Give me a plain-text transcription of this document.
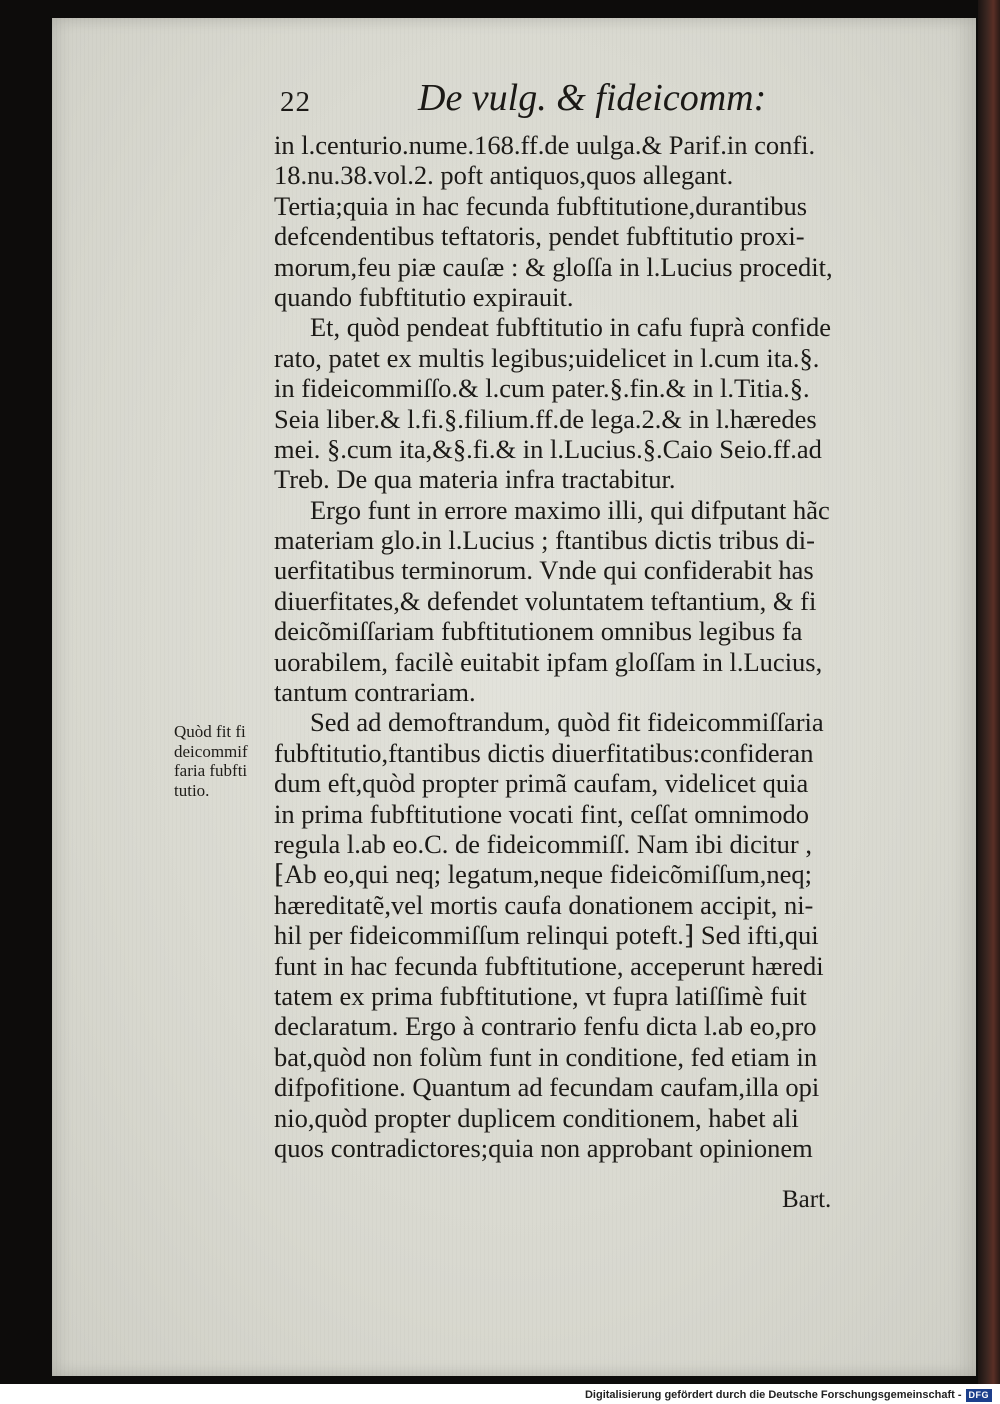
22	De vulg. & fideicomm:
Quòd fit fi
deicommif
faria fubfti
tutio.
in l.centurio.nume.168.ff.de uulga.& Parif.in confi.
18.nu.38.vol.2. poft antiquos,quos allegant.
Tertia;quia in hac fecunda fubftitutione,durantibus
defcendentibus teftatoris, pendet fubftitutio proxi-
morum,feu piæ cauſæ : & gloſſa in l.Lucius procedit,
quando fubftitutio expirauit.
Et, quòd pendeat fubftitutio in cafu fuprà confide
rato, patet ex multis legibus;uidelicet in l.cum ita.§.
in fideicommiſſo.& l.cum pater.§.fin.& in l.Titia.§.
Seia liber.& l.fi.§.filium.ff.de lega.2.& in l.hæredes
mei. §.cum ita,&§.fi.& in l.Lucius.§.Caio Seio.ff.ad
Treb. De qua materia infra tractabitur.
Ergo funt in errore maximo illi, qui difputant hãc
materiam glo.in l.Lucius ; ftantibus dictis tribus di-
uerfitatibus terminorum. Vnde qui confiderabit has
diuerfitates,& defendet voluntatem teftantium, & fi
deicõmiſſariam fubftitutionem omnibus legibus fa
uorabilem, facilè euitabit ipfam gloſſam in l.Lucius,
tantum contrariam.
Sed ad demoftrandum, quòd fit fideicommiſſaria
fubftitutio,ftantibus dictis diuerfitatibus:confideran
dum eft,quòd propter primã caufam, videlicet quia
in prima fubftitutione vocati fint, ceſſat omnimodo
regula l.ab eo.C. de fideicommiſſ. Nam ibi dicitur ,
⁅Ab eo,qui neq; legatum,neque fideicõmiſſum,neq;
hæreditatẽ,vel mortis caufa donationem accipit, ni-
hil per fideicommiſſum relinqui poteft.⁆ Sed ifti,qui
funt in hac fecunda fubftitutione, acceperunt hæredi
tatem ex prima fubftitutione, vt fupra latiſſimè fuit
declaratum. Ergo à contrario fenfu dicta l.ab eo,pro
bat,quòd non folùm funt in conditione, fed etiam in
difpofitione. Quantum ad fecundam caufam,illa opi
nio,quòd propter duplicem conditionem, habet ali
quos contradictores;quia non approbant opinionem
Bart.
Digitalisierung gefördert durch die Deutsche Forschungsgemeinschaft - DFG
